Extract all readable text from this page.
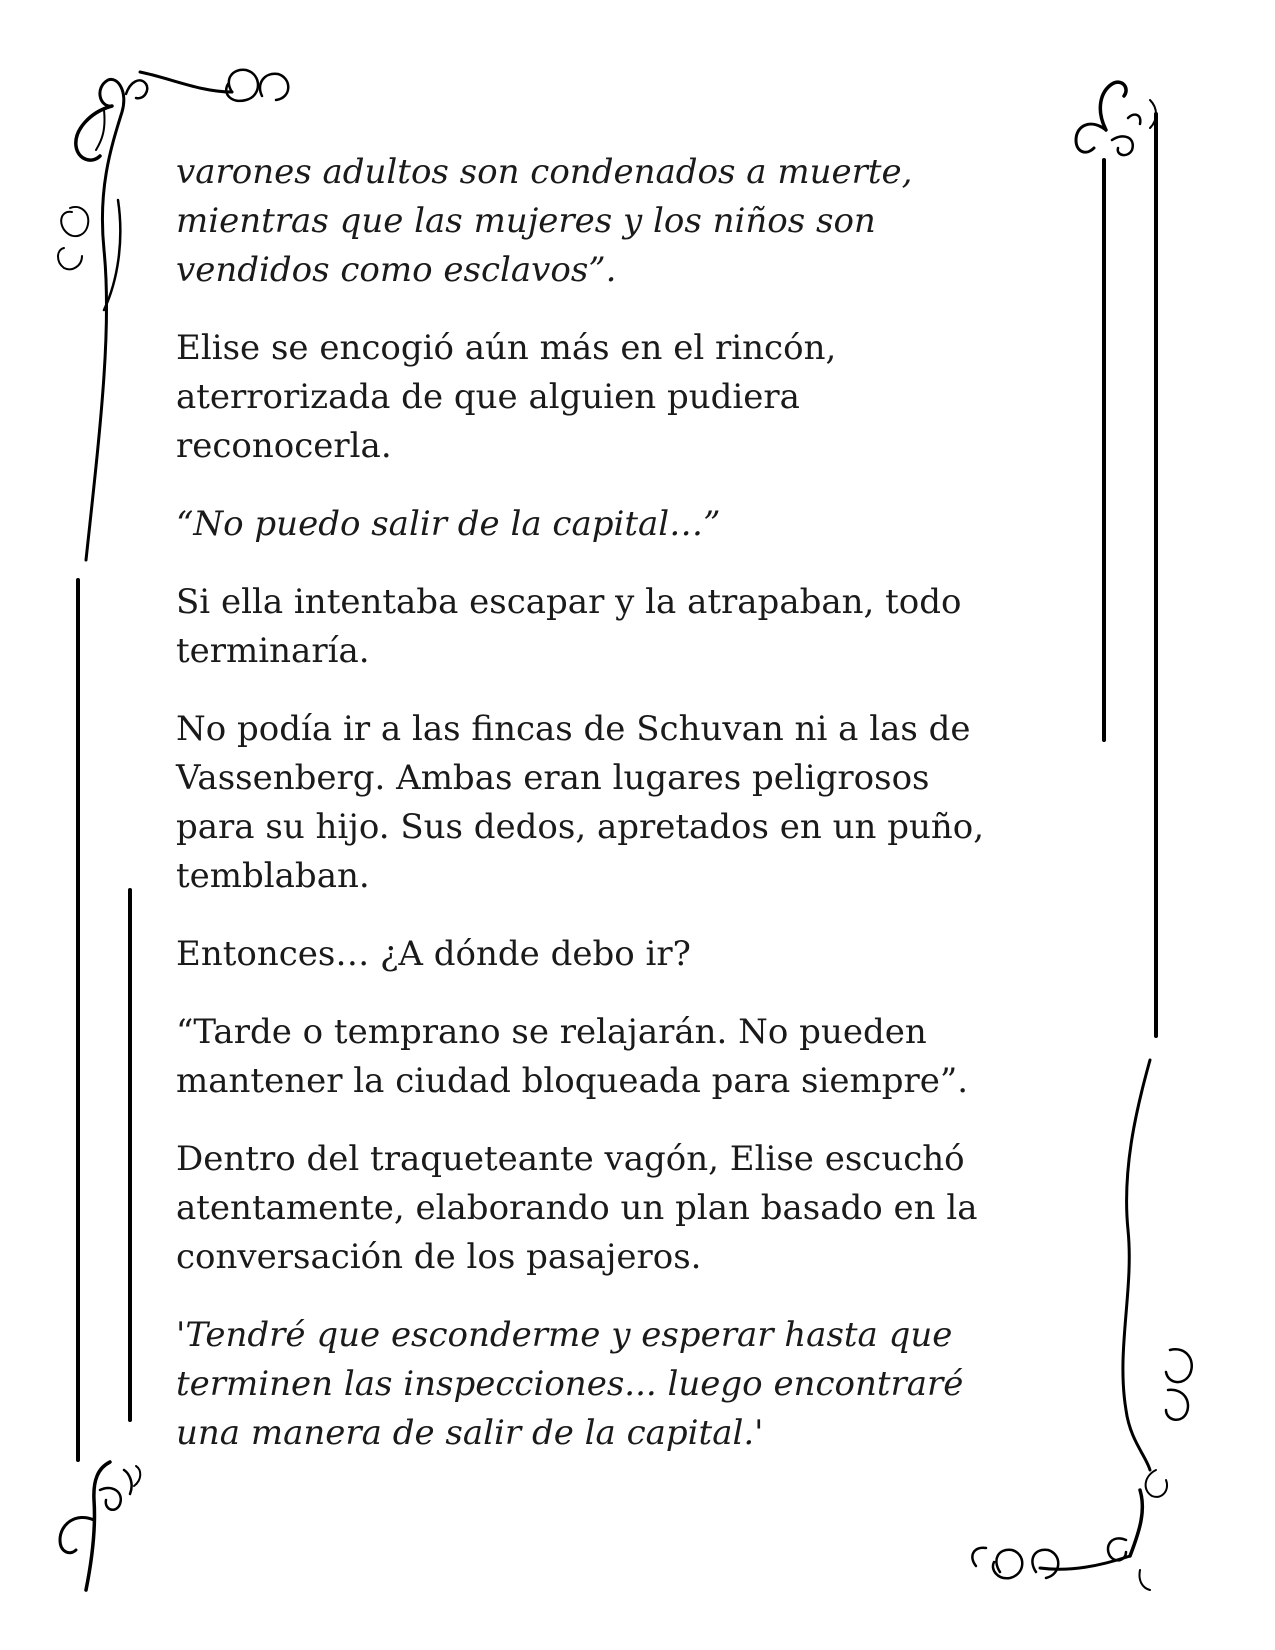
varones adultos son condenados a muerte,
mientras que las mujeres y los niños son
vendidos como esclavos”.

Elise se encogió aún más en el rincón,
aterrorizada de que alguien pudiera
reconocerla.

“No puedo salir de la capital…”

Si ella intentaba escapar y la atrapaban, todo
terminaría.

No podía ir a las fincas de Schuvan ni a las de
Vassenberg. Ambas eran lugares peligrosos
para su hijo. Sus dedos, apretados en un puño,
temblaban.

Entonces… ¿A dónde debo ir?

“Tarde o temprano se relajarán. No pueden
mantener la ciudad bloqueada para siempre”.

Dentro del traqueteante vagón, Elise escuchó
atentamente, elaborando un plan basado en la
conversación de los pasajeros.

'Tendré que esconderme y esperar hasta que
terminen las inspecciones... luego encontraré
una manera de salir de la capital.'
